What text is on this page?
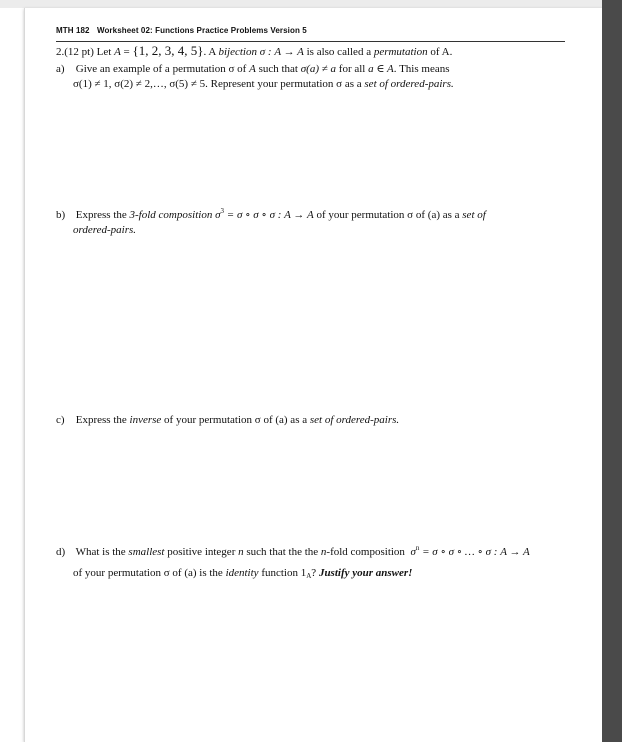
MTH 182 Worksheet 02: Functions Practice Problems Version 5
2.(12 pt) Let A = {1, 2, 3, 4, 5}. A bijection σ : A → A is also called a permutation of A.
a) Give an example of a permutation σ of A such that σ(a) ≠ a for all a ∈ A. This means
σ(1) ≠ 1, σ(2) ≠ 2,…, σ(5) ≠ 5. Represent your permutation σ as a set of ordered-pairs.
b) Express the 3-fold composition $\sigma^3 = \sigma$ ∘ σ ∘ σ : A → A of your permutation σ of (a) as a set of
ordered-pairs.
c) Express the inverse of your permutation σ of (a) as a set of ordered-pairs.
d) What is the smallest positive integer n such that the the n-fold composition $\sigma^n = \sigma$ ∘ σ ∘ … ∘ σ : A → A
of your permutation σ of (a) is the identity function $1_A$? Justify your answer!
